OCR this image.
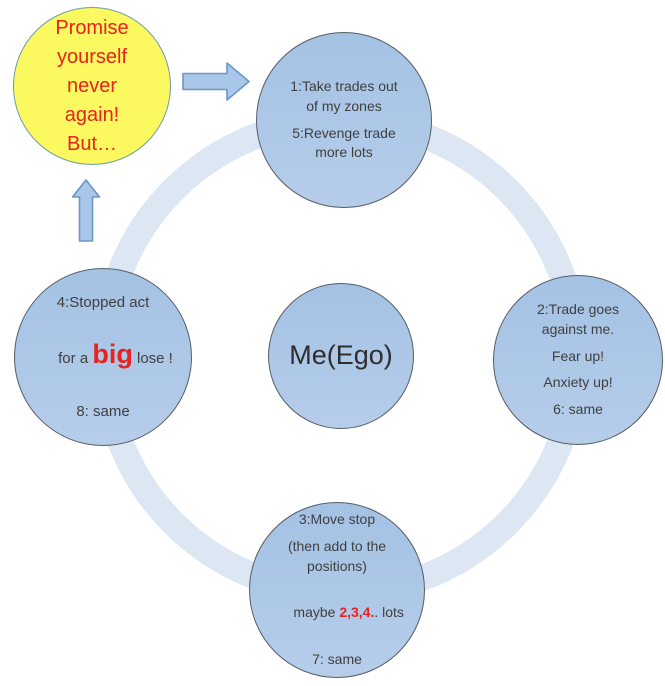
Promise
yourself
never
again!
But…
1:Take trades out
of my zones
5:Revenge trade
more lots
2:Trade goes
against me.
Fear up!
Anxiety up!
6: same
4:Stopped act

for a big lose !

8: same
3:Move stop
(then add to the
positions)

maybe 2,3,4.. lots

7: same
Me(Ego)
